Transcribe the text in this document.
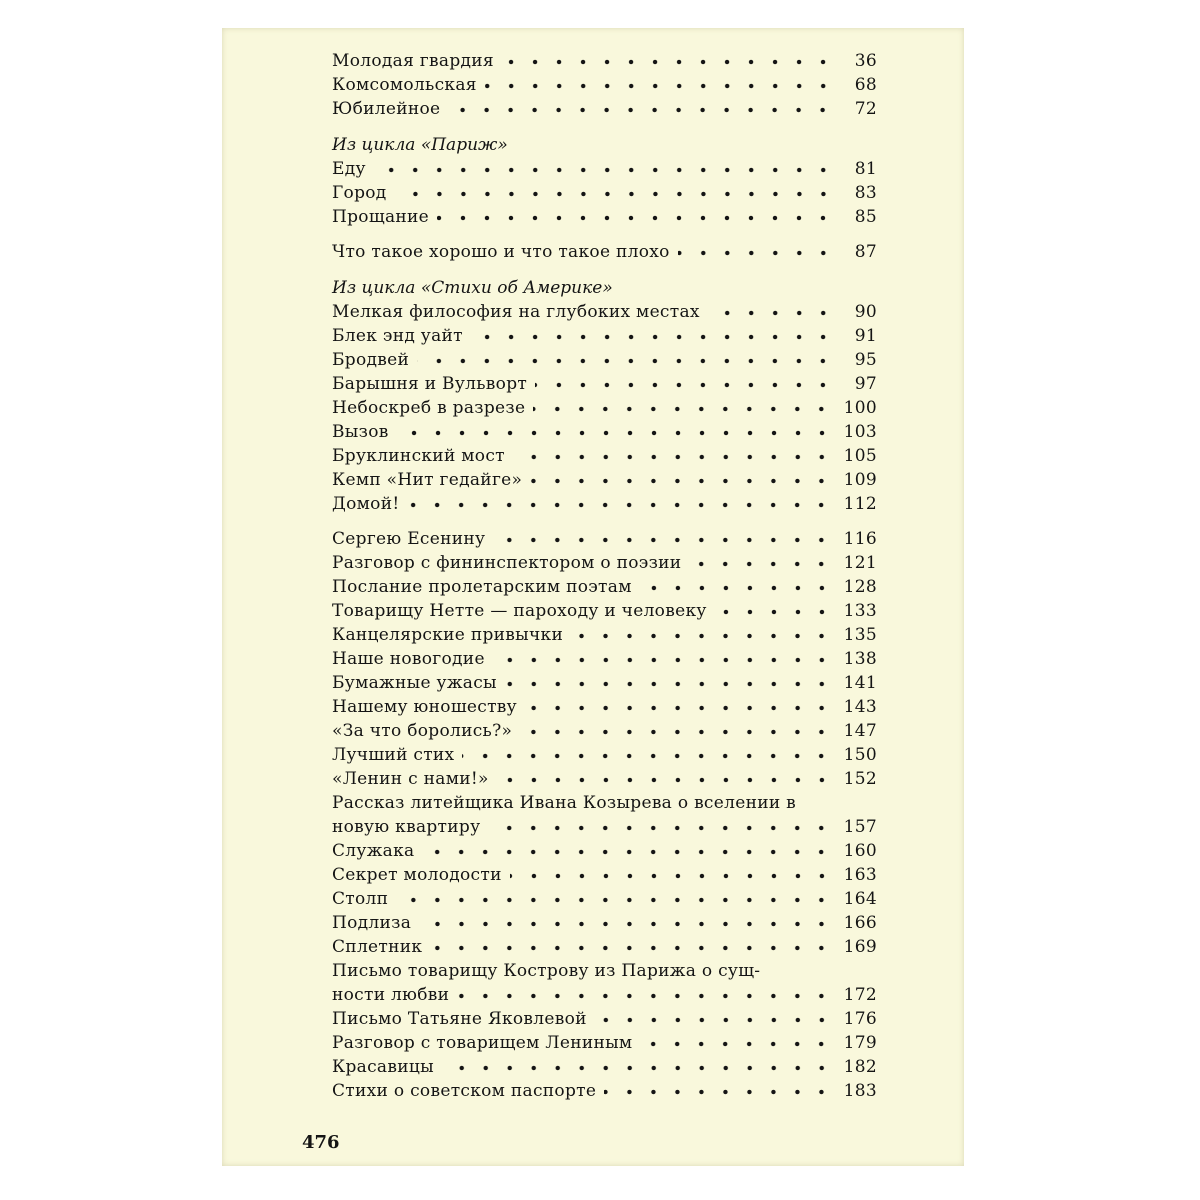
Молодая гвардия	36
Комсомольская	68
Юбилейное	72
Из цикла «Париж»
Еду	81
Город	83
Прощание	85
Что такое хорошо и что такое плохо	87
Из цикла «Стихи об Америке»
Мелкая философия на глубоких местах	90
Блек энд уайт	91
Бродвей	95
Барышня и Вульворт	97
Небоскреб в разрезе	100
Вызов	103
Бруклинский мост	105
Кемп «Нит гедайге»	109
Домой!	112
Сергею Есенину	116
Разговор с фининспектором о поэзии	121
Послание пролетарским поэтам	128
Товарищу Нетте — пароходу и человеку	133
Канцелярские привычки	135
Наше новогодие	138
Бумажные ужасы	141
Нашему юношеству	143
«За что боролись?»	147
Лучший стих	150
«Ленин с нами!»	152
Рассказ литейщика Ивана Козырева о вселении в
новую квартиру	157
Служака	160
Секрет молодости	163
Столп	164
Подлиза	166
Сплетник	169
Письмо товарищу Кострову из Парижа о сущ-
ности любви	172
Письмо Татьяне Яковлевой	176
Разговор с товарищем Лениным	179
Красавицы	182
Стихи о советском паспорте	183
476
